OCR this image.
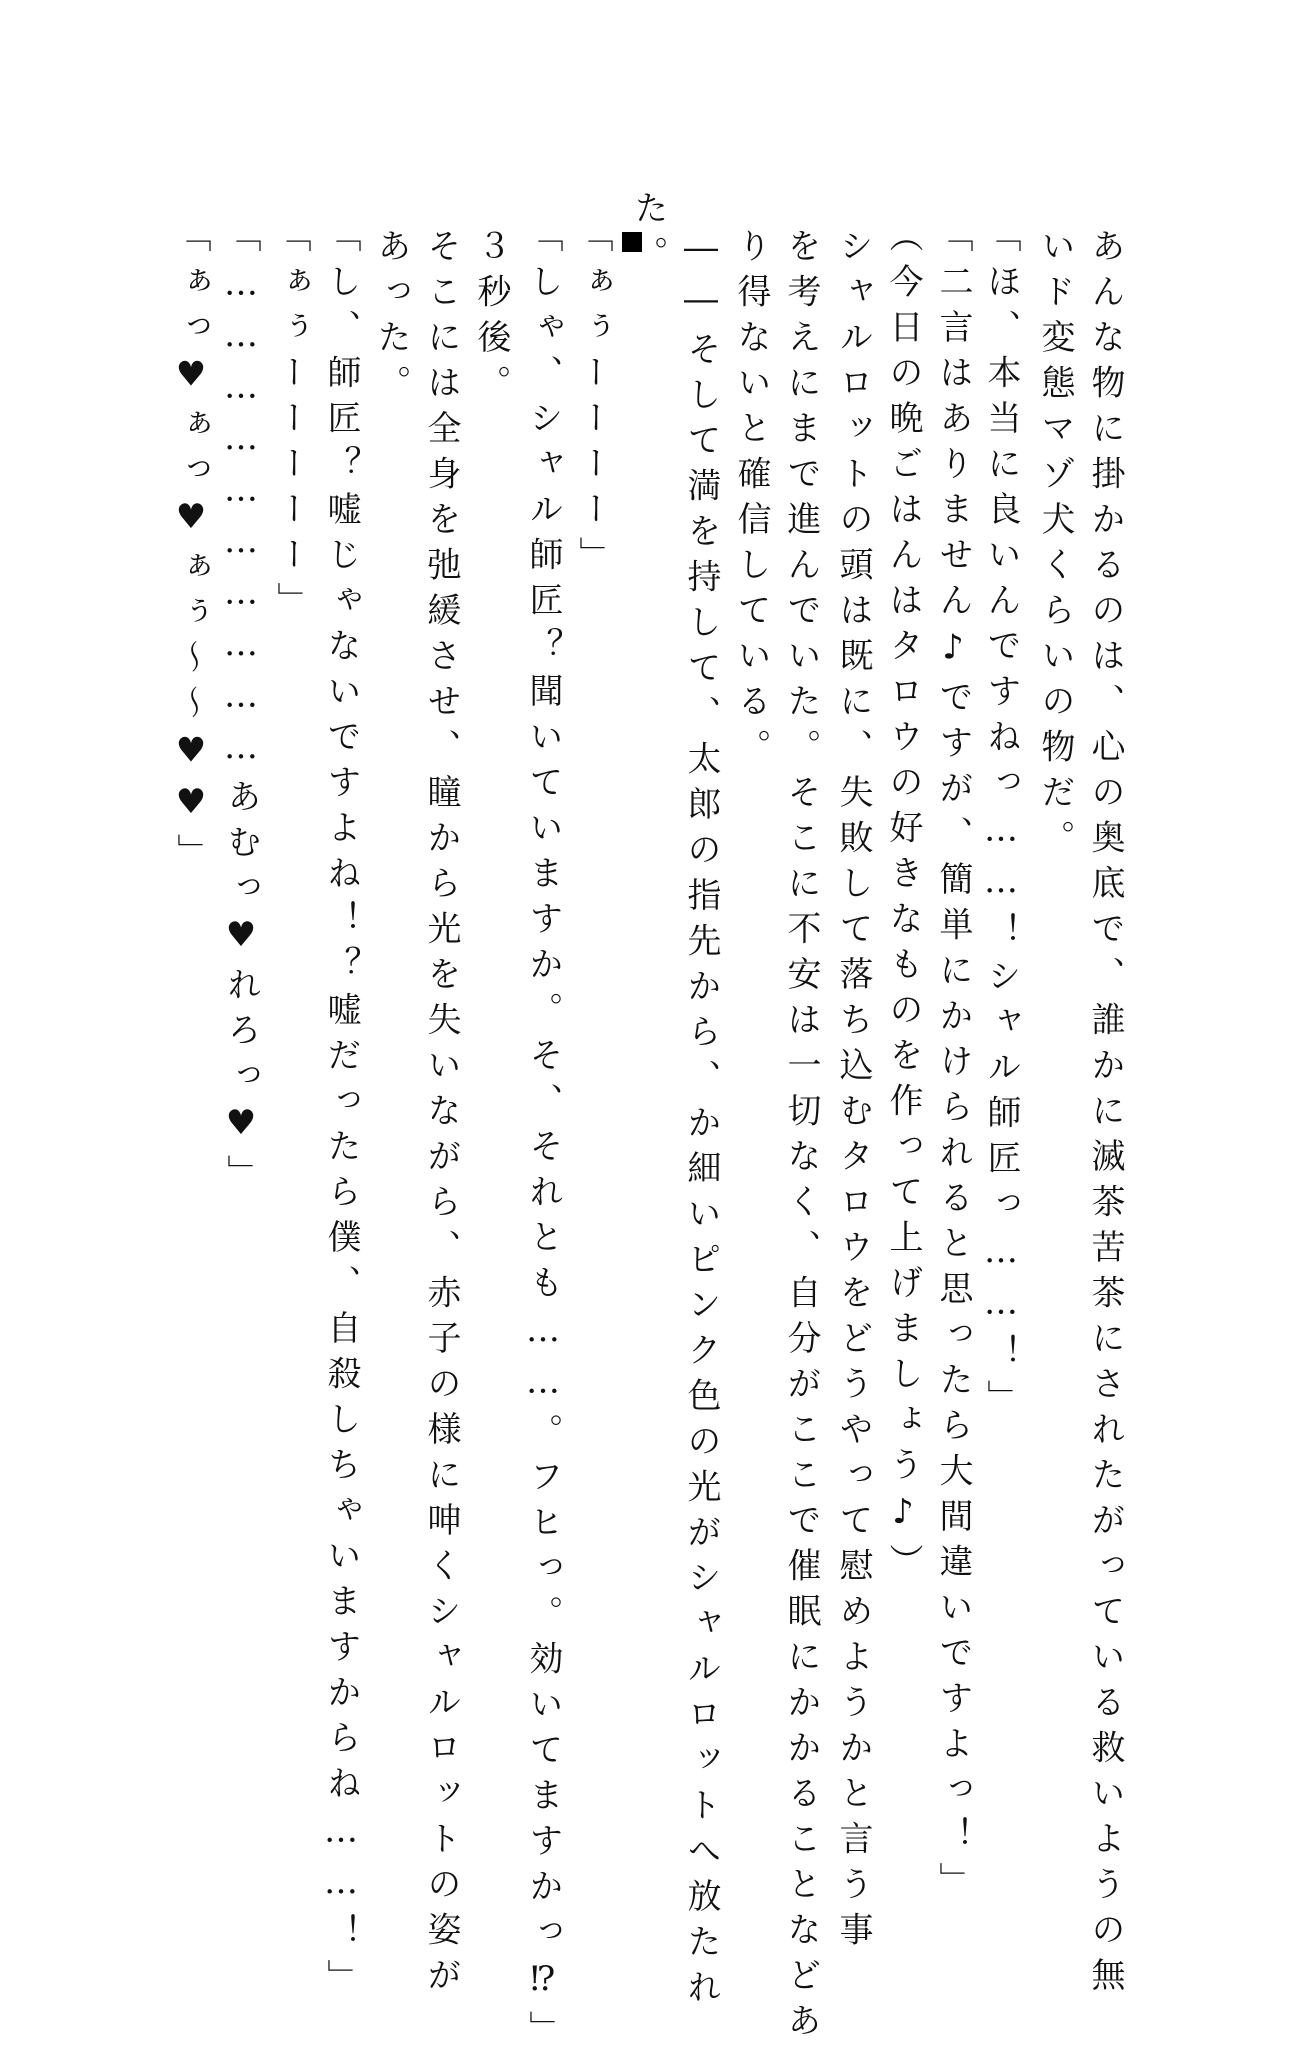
あんな物に掛かるのは、心の奥底で、誰かに滅茶苦茶にされたがっている救いようの無
いド変態マゾ犬くらいの物だ。
「ほ、本当に良いんですねっ……！シャル師匠っ……！」
「二言はありません♪ですが、簡単にかけられると思ったら大間違いですよっ！」
（今日の晩ごはんはタロウの好きなものを作って上げましょう♪）
シャルロットの頭は既に、失敗して落ち込むタロウをどうやって慰めようかと言う事
を考えにまで進んでいた。そこに不安は一切なく、自分がここで催眠にかかることなどあ
り得ないと確信している。
――そして満を持して、太郎の指先から、か細いピンク色の光がシャルロットへ放たれ
た。
「ぁぅーーーー」
「しゃ、シャル師匠？聞いていますか。そ、それとも……。フヒっ。効いてますかっ⁉」
３秒後。
そこには全身を弛緩させ、瞳から光を失いながら、赤子の様に呻くシャルロットの姿が
あった。
「し、師匠？嘘じゃないですよね！？嘘だったら僕、自殺しちゃいますからね……！」
「ぁぅーーーーー」
「…………………………あむっ♥れろっ♥」
「ぁっ♥ぁっ♥ぁぅ～～♥♥」
